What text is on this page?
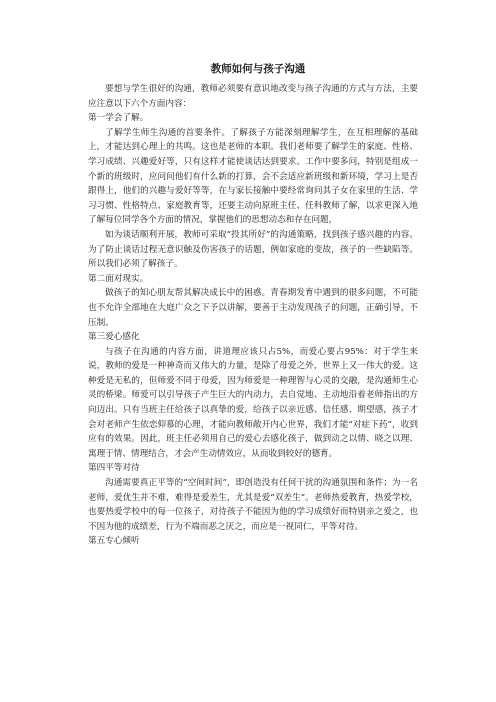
教师如何与孩子沟通

要想与学生很好的沟通，教师必须要有意识地改变与孩子沟通的方式与方法，主要应注意以下六个方面内容：

第一学会了解。

了解学生师生沟通的首要条件。了解孩子方能深刻理解学生，在互相理解的基础上，才能达到心理上的共鸣。这也是老师的本职。我们老师要了解学生的家庭、性格、学习成绩、兴趣爱好等，只有这样才能使谈话达到要求。工作中要多问，特别是组成一个新的班级时，应问问他们有什么新的打算，会不会适应新班级和新环境，学习上是否跟得上，他们的兴趣与爱好等等，在与家长接触中要经常询问其子女在家里的生活、学习习惯、性格特点、家庭教育等，还要主动向原班主任、任科教师了解，以求更深入地了解每位同学各个方面的情况，掌握他们的思想动态和存在问题，

如为谈话顺利开展，教师可采取“投其所好”的沟通策略，找到孩子感兴趣的内容。为了防止谈话过程无意识触及伤害孩子的话题，例如家庭的变故，孩子的一些缺陷等。所以我们必须了解孩子。

第二面对现实。

做孩子的知心朋友帮其解决成长中的困惑。青春期发育中遇到的很多问题，不可能也不允许全部地在大庭广众之下予以讲解，要善于主动发现孩子的问题，正确引导，不压制。

第三爱心感化

与孩子在沟通的内容方面，讲道理应该只占5%，而爱心要占95%：对于学生来说，教师的爱是一种神奇而又伟大的力量，是除了母爱之外，世界上又一伟大的爱。这种爱是无私的，但师爱不同于母爱，因为师爱是一种理智与心灵的交融，是沟通师生心灵的桥梁。师爱可以引导孩子产生巨大的内动力，去自觉地、主动地沿着老师指出的方向迈出。只有当班主任给孩子以真挚的爱，给孩子以亲近感、信任感、期望感，孩子才会对老师产生依恋仰慕的心理，才能向教师敞开内心世界，我们才能“对症下药”，收到应有的效果。因此，班主任必须用自己的爱心去感化孩子，做到动之以情、晓之以理、寓理于情、情理结合，才会产生动情效应，从而收到较好的德育。

第四平等对待

沟通需要真正平等的“空间时间”，即创造没有任何干扰的沟通氛围和条件；为一名老师，爱优生并不难，难得是爱差生，尤其是爱“双差生”。老师热爱教育，热爱学校，也要热爱学校中的每一位孩子，对待孩子不能因为他的学习成绩好而特别亲之爱之，也不因为他的成绩差，行为不端而恶之厌之，而应是一视同仁，平等对待。

第五专心倾听
